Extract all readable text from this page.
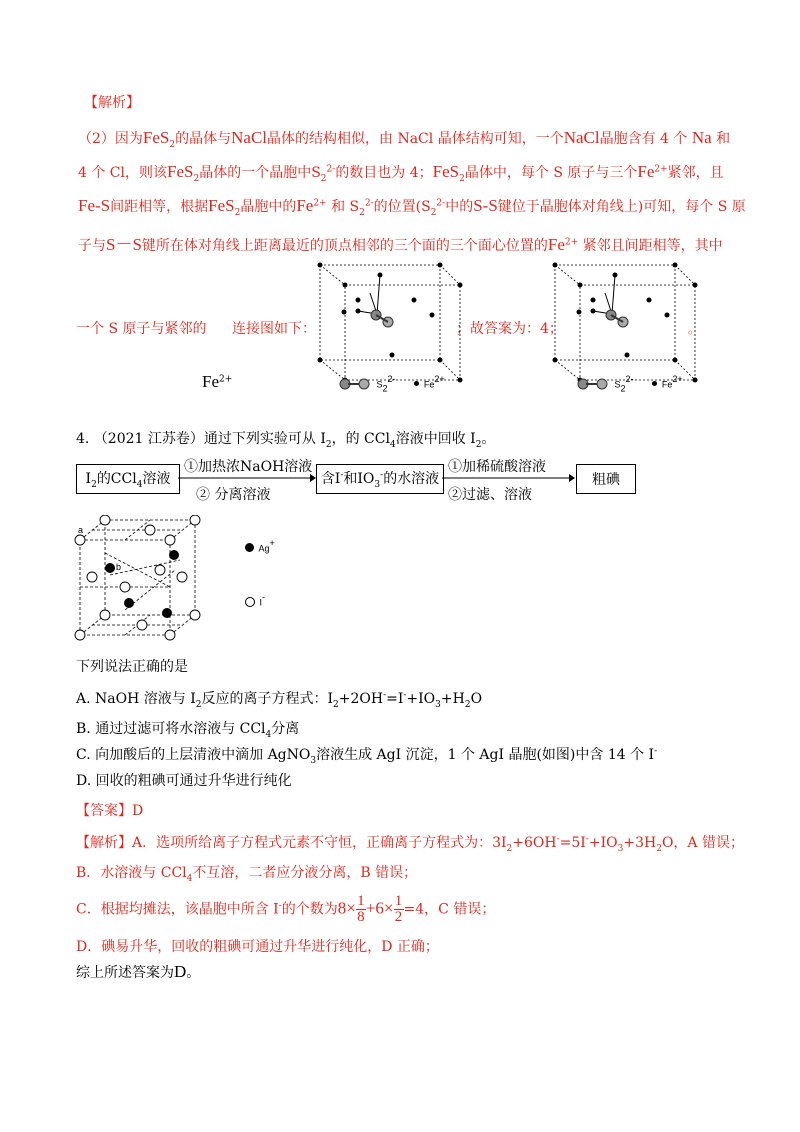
【解析】
（2）因为FeS$_2$的晶体与NaCl晶体的结构相似，由 NaCl 晶体结构可知，一个NaCl晶胞含有 4 个 Na 和
4 个 Cl，则该FeS$_2$晶体的一个晶胞中$S_2^{2-}$的数目也为 4；FeS$_2$晶体中，每个 S 原子与三个$Fe^{2+}$紧邻，且
Fe-S间距相等，根据FeS$_2$晶胞中的$Fe^{2+}$ 和 $S_2^{2-}$的位置($S_2^{2-}$中的S-S键位于晶胞体对角线上)可知，每个 S 原
子与S－S键所在体对角线上距离最近的顶点相邻的三个面的三个面心位置的$Fe^{2+}$ 紧邻且间距相等，其中
一个 S 原子与紧邻的 连接图如下：	；故答案为：4；	。
$Fe^{2+}$
$S_2^{2-}$   $Fe^{2+}$
$S_2^{2-}$   $Fe^{2+}$
4. （2021 江苏卷）通过下列实验可从 $I_2$，的 CCl$_4$溶液中回收 $I_2$。
$I_2$的CCl$_4$溶液
①加热浓NaOH溶液
② 分离溶液
含I-和$IO_3^-$的水溶液
①加稀硫酸溶液
②过滤、溶液
粗碘
a
b
Ag+
I-
下列说法正确的是
A. NaOH 溶液与 $I_2$反应的离子方程式：$I_2+2OH^-=I^-+IO_3+H_2O$
B. 通过过滤可将水溶液与 CCl$_4$分离
C. 向加酸后的上层清液中滴加 AgNO$_3$溶液生成 AgI 沉淀，1 个 AgI 晶胞(如图)中含 14 个 I-
D. 回收的粗碘可通过升华进行纯化
【答案】D
【解析】A．选项所给离子方程式元素不守恒，正确离子方程式为：$3I_2+6OH^-=5I^-+IO_3+3H_2O$，A 错误；
B．水溶液与 CCl$_4$不互溶，二者应分液分离，B 错误；
C．根据均摊法，该晶胞中所含 I-的个数为$8\times \frac{1}{8} +6\times \frac{1}{2} =4$，C 错误；
D．碘易升华，回收的粗碘可通过升华进行纯化，D 正确；
综上所述答案为D。
